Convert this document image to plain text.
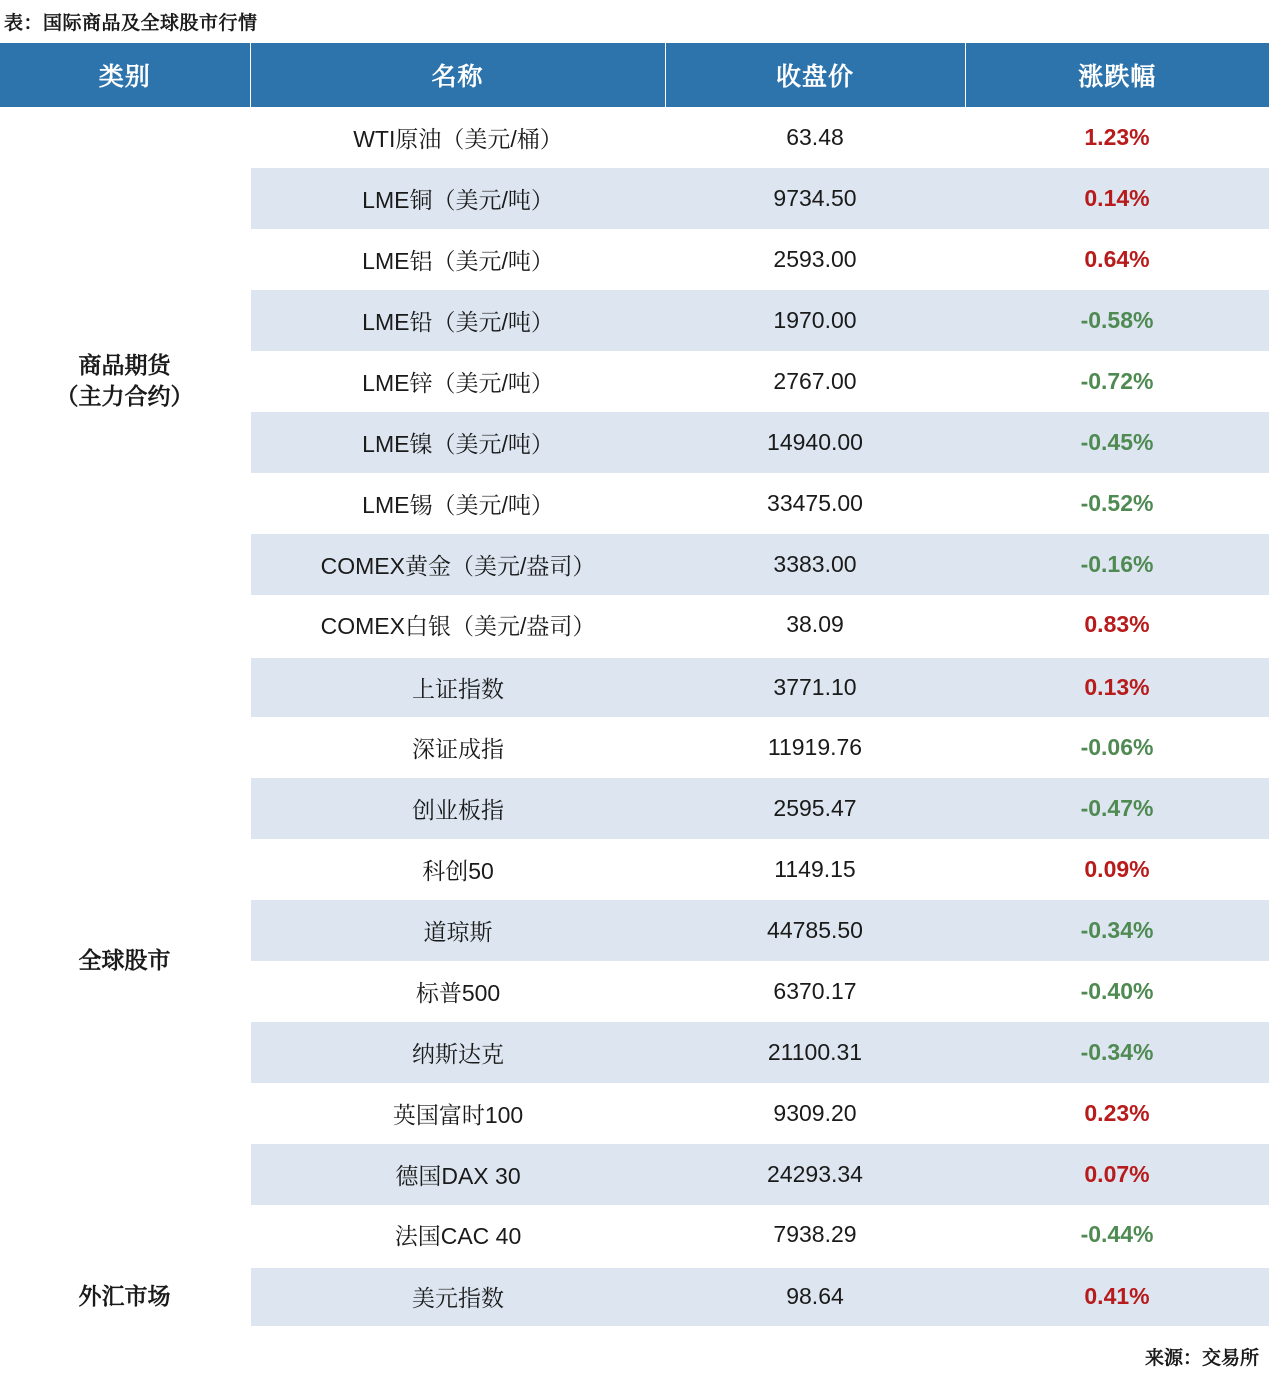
表：国际商品及全球股市行情
类别	名称	收盘价	涨跌幅

商品期货
（主力合约）	WTI原油（美元/桶）	63.48	1.23%
	LME铜（美元/吨）	9734.50	0.14%
	LME铝（美元/吨）	2593.00	0.64%
	LME铅（美元/吨）	1970.00	-0.58%
	LME锌（美元/吨）	2767.00	-0.72%
	LME镍（美元/吨）	14940.00	-0.45%
	LME锡（美元/吨）	33475.00	-0.52%
	COMEX黄金（美元/盎司）	3383.00	-0.16%
	COMEX白银（美元/盎司）	38.09	0.83%

全球股市	上证指数	3771.10	0.13%
	深证成指	11919.76	-0.06%
	创业板指	2595.47	-0.47%
	科创50	1149.15	0.09%
	道琼斯	44785.50	-0.34%
	标普500	6370.17	-0.40%
	纳斯达克	21100.31	-0.34%
	英国富时100	9309.20	0.23%
	德国DAX 30	24293.34	0.07%
	法国CAC 40	7938.29	-0.44%

外汇市场	美元指数	98.64	0.41%
来源：交易所
